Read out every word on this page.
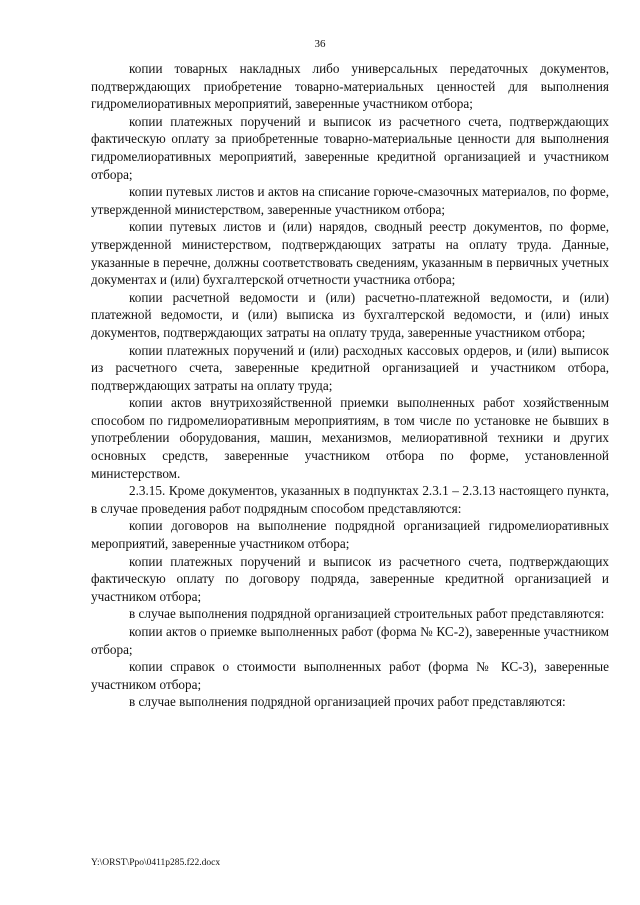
36

копии товарных накладных либо универсальных передаточных документов, подтверждающих приобретение товарно-материальных ценностей для выполнения гидромелиоративных мероприятий, заверенные участником отбора;

копии платежных поручений и выписок из расчетного счета, подтверждающих фактическую оплату за приобретенные товарно-материальные ценности для выполнения гидромелиоративных мероприятий, заверенные кредитной организацией и участником отбора;

копии путевых листов и актов на списание горюче-смазочных материалов, по форме, утвержденной министерством, заверенные участником отбора;

копии путевых листов и (или) нарядов, сводный реестр документов, по форме, утвержденной министерством, подтверждающих затраты на оплату труда. Данные, указанные в перечне, должны соответствовать сведениям, указанным в первичных учетных документах и (или) бухгалтерской отчетности участника отбора;

копии расчетной ведомости и (или) расчетно-платежной ведомости, и (или) платежной ведомости, и (или) выписка из бухгалтерской ведомости, и (или) иных документов, подтверждающих затраты на оплату труда, заверенные участником отбора;

копии платежных поручений и (или) расходных кассовых ордеров, и (или) выписок из расчетного счета, заверенные кредитной организацией и участником отбора, подтверждающих затраты на оплату труда;

копии актов внутрихозяйственной приемки выполненных работ хозяйственным способом по гидромелиоративным мероприятиям, в том числе по установке не бывших в употреблении оборудования, машин, механизмов, мелиоративной техники и других основных средств, заверенные участником отбора по форме, установленной министерством.

2.3.15. Кроме документов, указанных в подпунктах 2.3.1 – 2.3.13 настоящего пункта, в случае проведения работ подрядным способом представляются:

копии договоров на выполнение подрядной организацией гидромелиоративных мероприятий, заверенные участником отбора;

копии платежных поручений и выписок из расчетного счета, подтверждающих фактическую оплату по договору подряда, заверенные кредитной организацией и участником отбора;

в случае выполнения подрядной организацией строительных работ представляются:

копии актов о приемке выполненных работ (форма № КС-2), заверенные участником отбора;

копии справок о стоимости выполненных работ (форма № КС-3), заверенные участником отбора;

в случае выполнения подрядной организацией прочих работ представляются:

Y:\ORST\Ppo\0411p285.f22.docx
